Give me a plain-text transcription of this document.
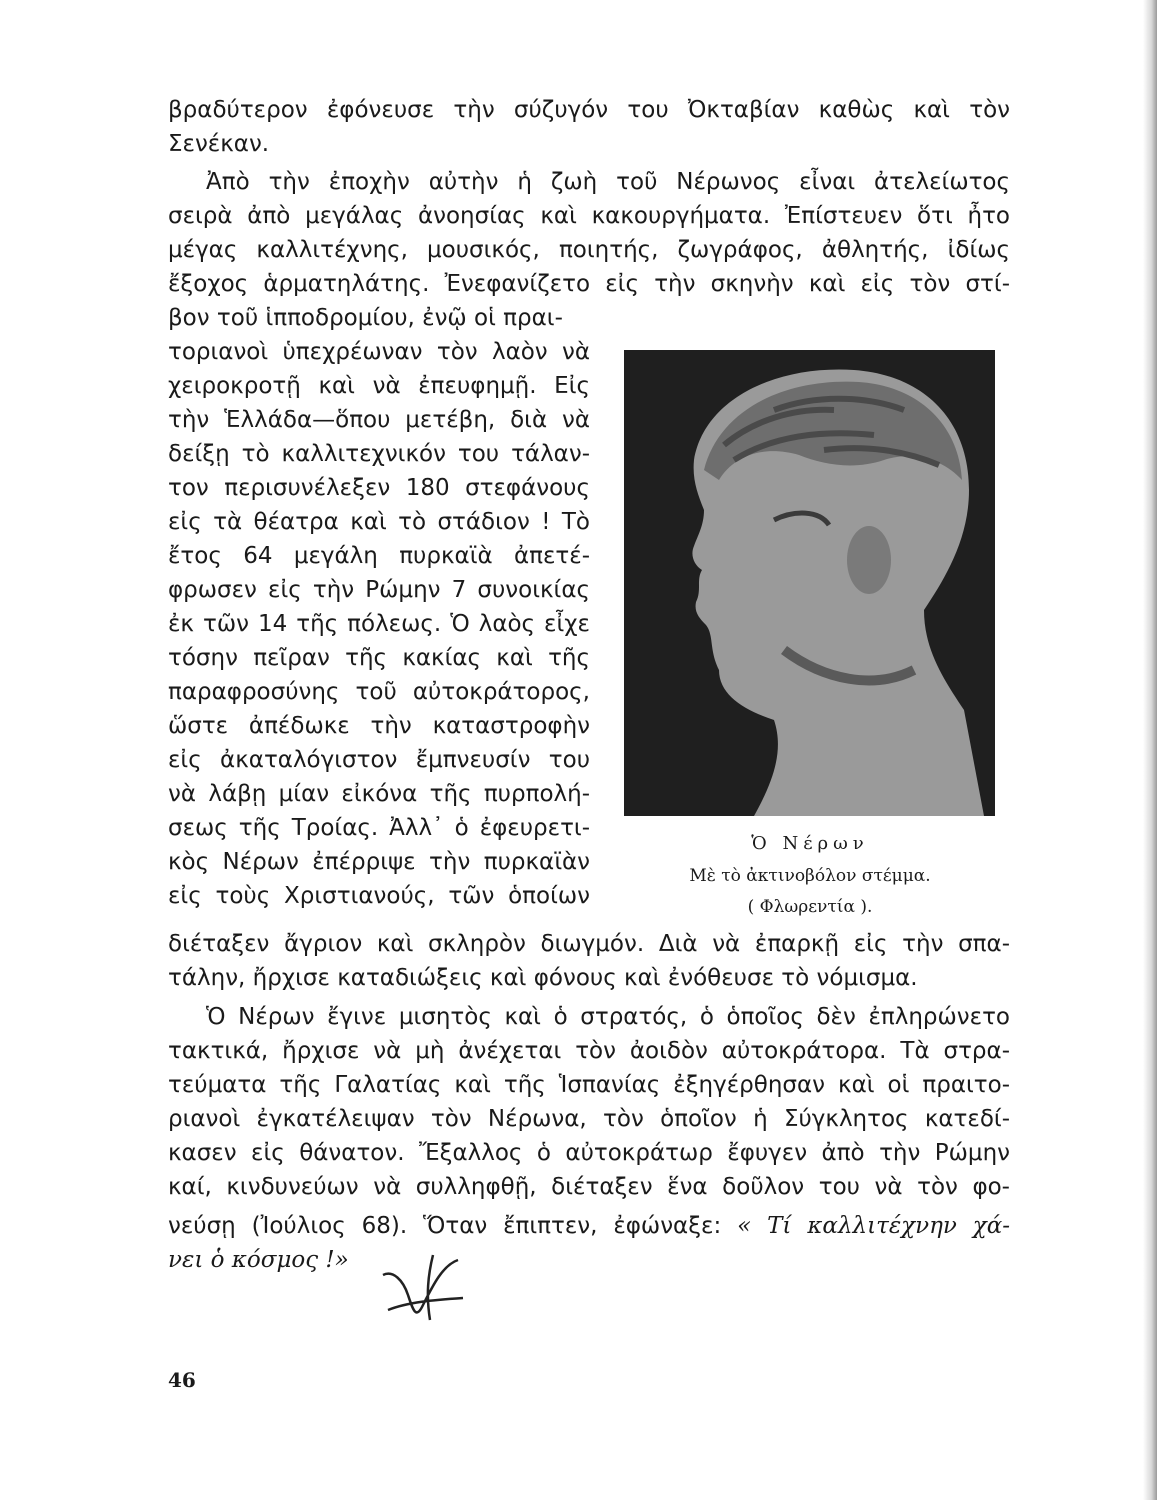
βραδύτερον ἐφόνευσε τὴν σύζυγόν του Ὀκταβίαν καθὼς καὶ τὸν
Σενέκαν.
Ἀπὸ τὴν ἐποχὴν αὐτὴν ἡ ζωὴ τοῦ Νέρωνος εἶναι ἀτελείωτος
σειρὰ ἀπὸ μεγάλας ἀνοησίας καὶ κακουργήματα. Ἐπίστευεν ὅτι ἦτο
μέγας καλλιτέχνης, μουσικός, ποιητής, ζωγράφος, ἀθλητής, ἰδίως
ἔξοχος ἁρματηλάτης. Ἐνεφανίζετο εἰς τὴν σκηνὴν καὶ εἰς τὸν στί-
βον τοῦ ἱπποδρομίου, ἐνῷ οἱ πραι-
τοριανοὶ ὑπεχρέωναν τὸν λαὸν νὰ
χειροκροτῇ καὶ νὰ ἐπευφημῇ. Εἰς
τὴν Ἑλλάδα—ὅπου μετέβη, διὰ νὰ
δείξῃ τὸ καλλιτεχνικόν του τάλαν-
τον περισυνέλεξεν 180 στεφάνους
εἰς τὰ θέατρα καὶ τὸ στάδιον ! Τὸ
ἔτος 64 μεγάλη πυρκαϊὰ ἀπετέ-
φρωσεν εἰς τὴν Ρώμην 7 συνοικίας
ἐκ τῶν 14 τῆς πόλεως. Ὁ λαὸς εἶχε
τόσην πεῖραν τῆς κακίας καὶ τῆς
παραφροσύνης τοῦ αὐτοκράτορος,
ὥστε ἀπέδωκε τὴν καταστροφὴν
εἰς ἀκαταλόγιστον ἔμπνευσίν του
νὰ λάβῃ μίαν εἰκόνα τῆς πυρπολή-
σεως τῆς Τροίας. Ἀλλ᾽ ὁ ἐφευρετι-
κὸς Νέρων ἐπέρριψε τὴν πυρκαϊὰν
εἰς τοὺς Χριστιανούς, τῶν ὁποίων
διέταξεν ἄγριον καὶ σκληρὸν διωγμόν. Διὰ νὰ ἐπαρκῇ εἰς τὴν σπα-
τάλην, ἤρχισε καταδιώξεις καὶ φόνους καὶ ἐνόθευσε τὸ νόμισμα.
Ὁ Νέρων ἔγινε μισητὸς καὶ ὁ στρατός, ὁ ὁποῖος δὲν ἐπληρώνετο
τακτικά, ἤρχισε νὰ μὴ ἀνέχεται τὸν ἀοιδὸν αὐτοκράτορα. Τὰ στρα-
τεύματα τῆς Γαλατίας καὶ τῆς Ἱσπανίας ἐξηγέρθησαν καὶ οἱ πραιτο-
ριανοὶ ἐγκατέλειψαν τὸν Νέρωνα, τὸν ὁποῖον ἡ Σύγκλητος κατεδί-
κασεν εἰς θάνατον. Ἔξαλλος ὁ αὐτοκράτωρ ἔφυγεν ἀπὸ τὴν Ρώμην
καί, κινδυνεύων νὰ συλληφθῇ, διέταξεν ἕνα δοῦλον του νὰ τὸν φο-
νεύσῃ (Ἰούλιος 68). Ὅταν ἔπιπτεν, ἐφώναξε: « Τί καλλιτέχνην χά-
νει ὁ κόσμος !»
Ὁ Νέρων
Μὲ τὸ ἀκτινοβόλον στέμμα.
( Φλωρεντία ).
46
